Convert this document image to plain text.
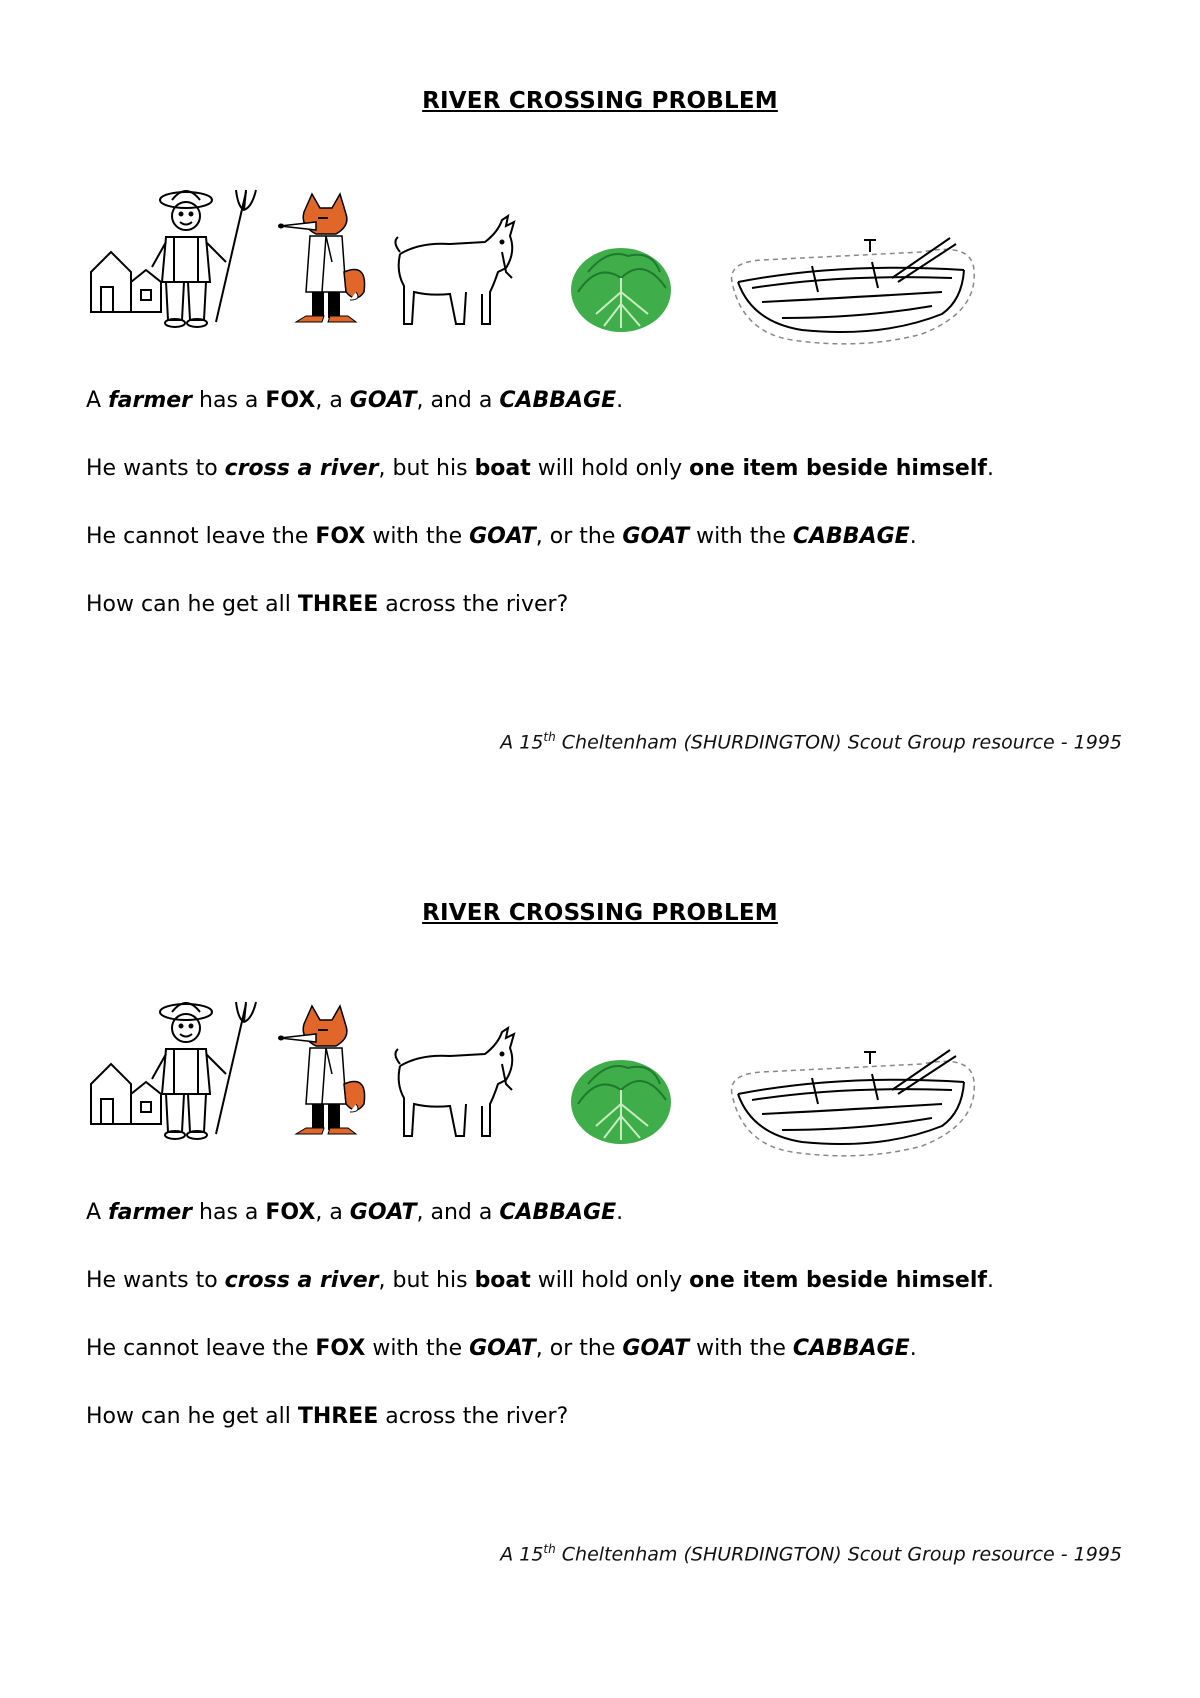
RIVER CROSSING PROBLEM
A farmer has a FOX, a GOAT, and a CABBAGE.
He wants to cross a river, but his boat will hold only one item beside himself.
He cannot leave the FOX with the GOAT, or the GOAT with the CABBAGE.
How can he get all THREE across the river?
A 15th Cheltenham (SHURDINGTON) Scout Group resource - 1995
RIVER CROSSING PROBLEM
A farmer has a FOX, a GOAT, and a CABBAGE.
He wants to cross a river, but his boat will hold only one item beside himself.
He cannot leave the FOX with the GOAT, or the GOAT with the CABBAGE.
How can he get all THREE across the river?
A 15th Cheltenham (SHURDINGTON) Scout Group resource - 1995
